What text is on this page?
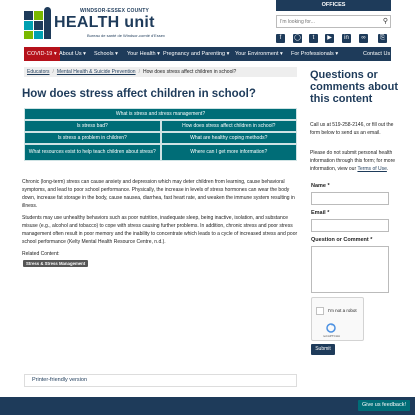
WINDSOR-ESSEX COUNTY
HEALTH unit
Bureau de santé de Windsor-comté d'Essex
OFFICES
I'm looking for...
⚲
f	◯	t	▶	in	∞	⎘
COVID-19 ▾ About Us ▾	Schools ▾	Your Health ▾ Pregnancy and Parenting ▾	Your Environment ▾	For Professionals ▾	Contact Us
Educators / Mental Health & Suicide Prevention / How does stress affect children in school?
How does stress affect children in school?
What is stress and stress management?
Is stress bad?	How does stress affect children in school?
Is stress a problem in children?	What are healthy coping methods?
What resources exist to help teach children about stress?	Where can I get more information?

Chronic (long-term) stress can cause anxiety and depression which may deter children from learning, cause behavioral symptoms, and lead to poor school performance. Physically, the increase in levels of stress hormones can wear the body down, increase fat storage in the body, cause nausea, diarrhea, fast heart rate, and weaken the immune system resulting in illness.

Students may use unhealthy behaviors such as poor nutrition, inadequate sleep, being inactive, isolation, and substance misuse (e.g., alcohol and tobacco) to cope with stress causing further problems. In addition, chronic stress and poor stress management often result in poor memory and the inability to concentrate which leads to a cycle of increased stress and poor school performance (Kelty Mental Health Resource Centre, n.d.).

Related Content:
Stress & Stress Management
Printer-friendly version
Questions or comments about this content

Call us at 519-258-2146, or fill out the form below to send us an email.

Please do not submit personal health information through this form; for more information, view our Terms of Use.

Name *
Email *
Question or Comment *
I'm not a robot
reCAPTCHA
Submit
Give us feedback!
